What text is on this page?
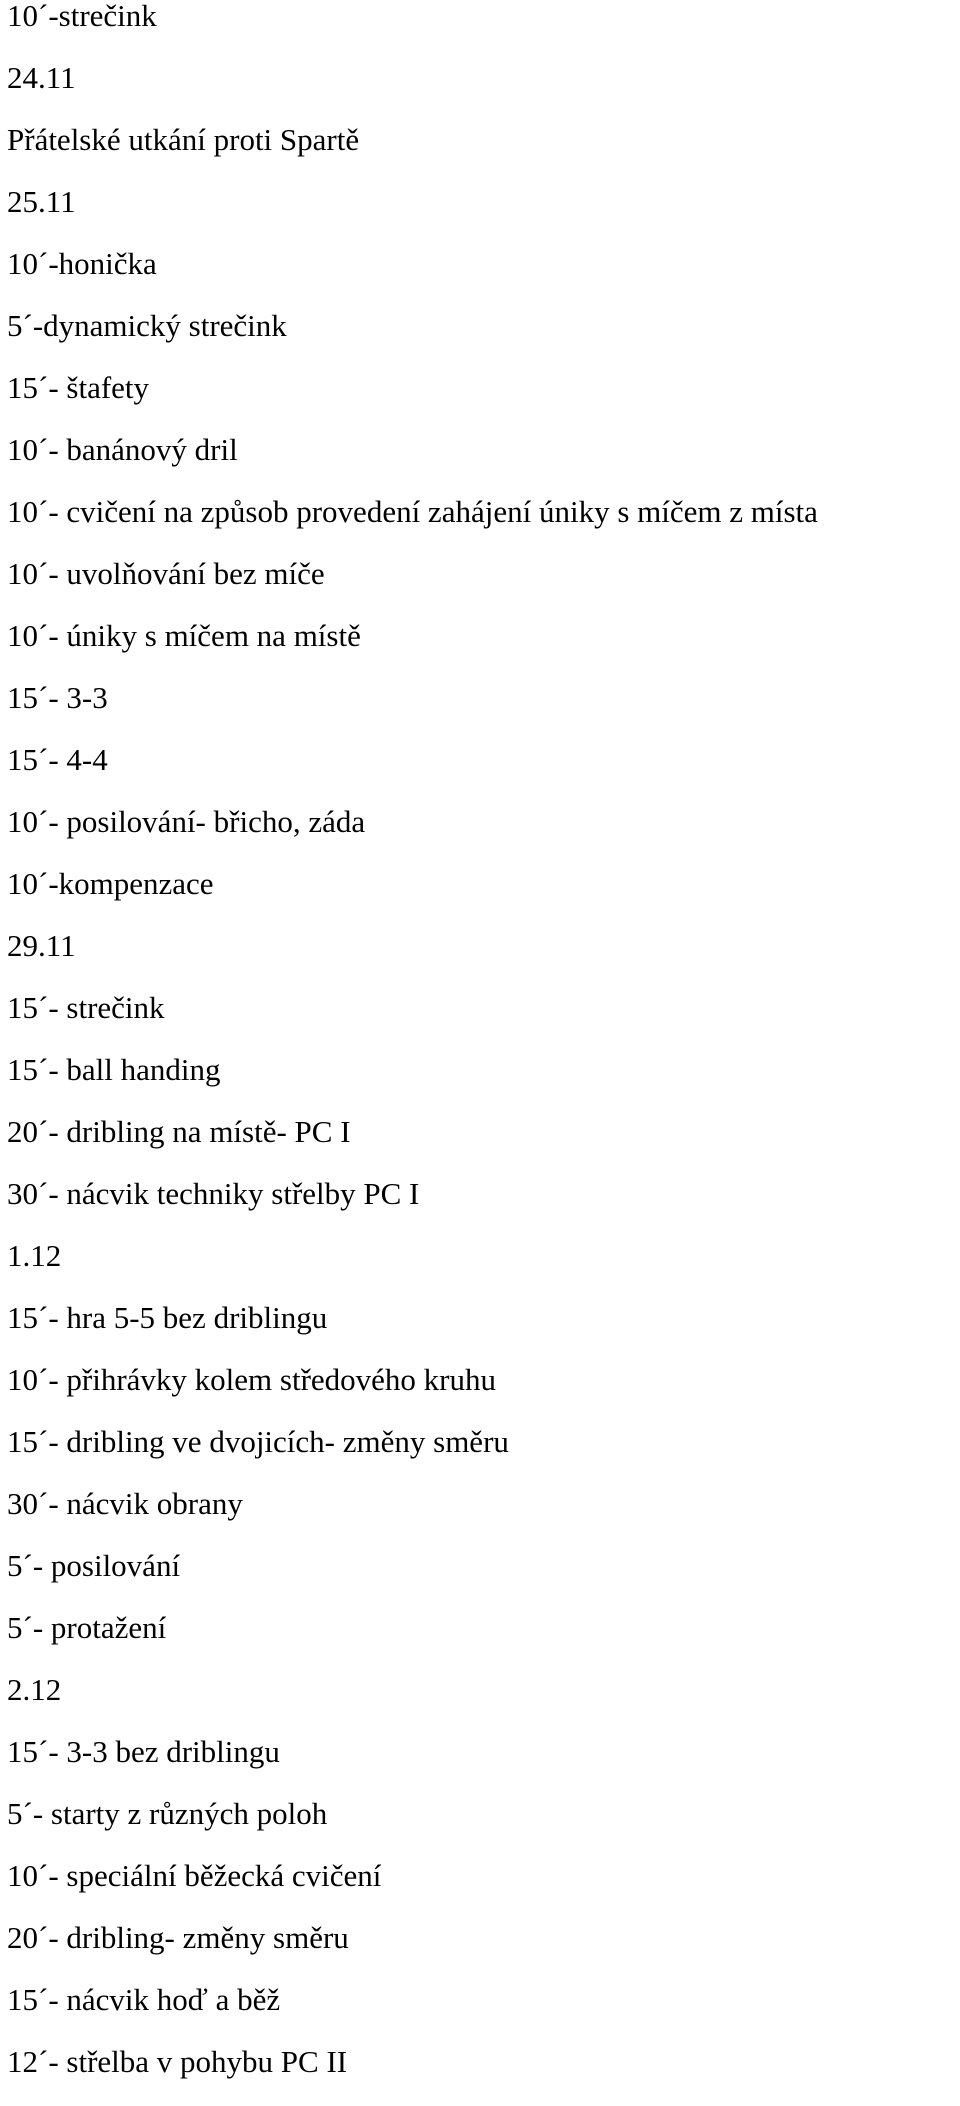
10´-strečink

24.11

Přátelské utkání proti Spartě

25.11

10´-honička

5´-dynamický strečink

15´- štafety

10´- banánový dril

10´- cvičení na způsob provedení zahájení úniky s míčem z místa

10´- uvolňování bez míče

10´- úniky s míčem na místě

15´- 3-3

15´- 4-4

10´- posilování- břicho, záda

10´-kompenzace

29.11

15´- strečink

15´- ball handing

20´- dribling na místě- PC I

30´- nácvik techniky střelby PC I

1.12

15´- hra 5-5 bez driblingu

10´- přihrávky kolem středového kruhu

15´- dribling ve dvojicích- změny směru

30´- nácvik obrany

5´- posilování

5´- protažení

2.12

15´- 3-3 bez driblingu

5´- starty z různých poloh

10´- speciální běžecká cvičení

20´- dribling- změny směru

15´- nácvik hoď a běž

12´- střelba v pohybu PC II
